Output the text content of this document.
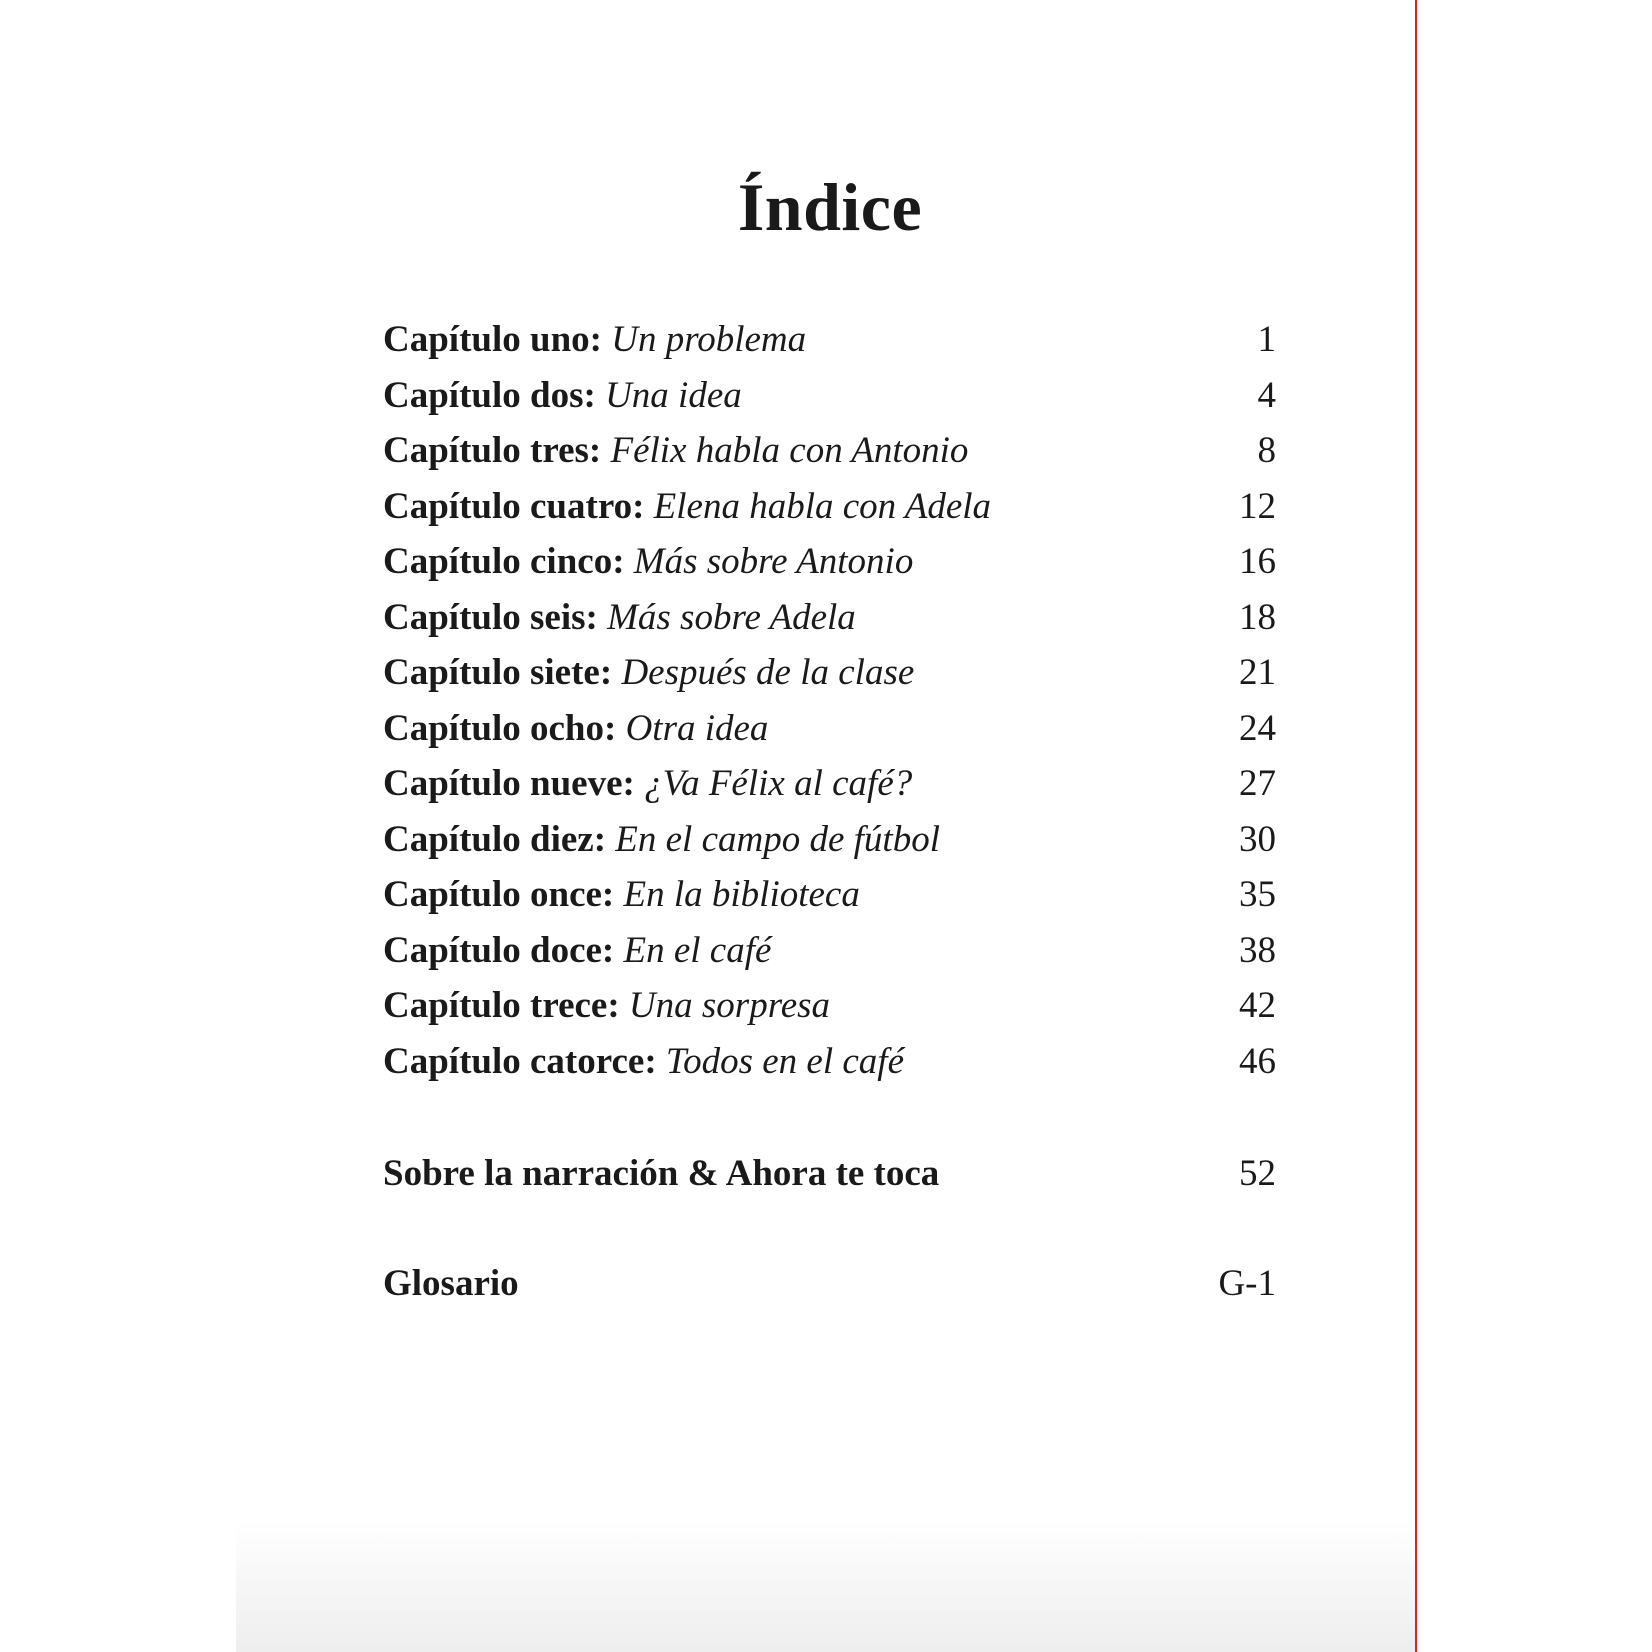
Índice
Capítulo uno: Un problema	1
Capítulo dos: Una idea	4
Capítulo tres: Félix habla con Antonio	8
Capítulo cuatro: Elena habla con Adela	12
Capítulo cinco: Más sobre Antonio	16
Capítulo seis: Más sobre Adela	18
Capítulo siete: Después de la clase	21
Capítulo ocho: Otra idea	24
Capítulo nueve: ¿Va Félix al café?	27
Capítulo diez: En el campo de fútbol	30
Capítulo once: En la biblioteca	35
Capítulo doce: En el café	38
Capítulo trece: Una sorpresa	42
Capítulo catorce: Todos en el café	46
Sobre la narración & Ahora te toca	52
Glosario	G-1
